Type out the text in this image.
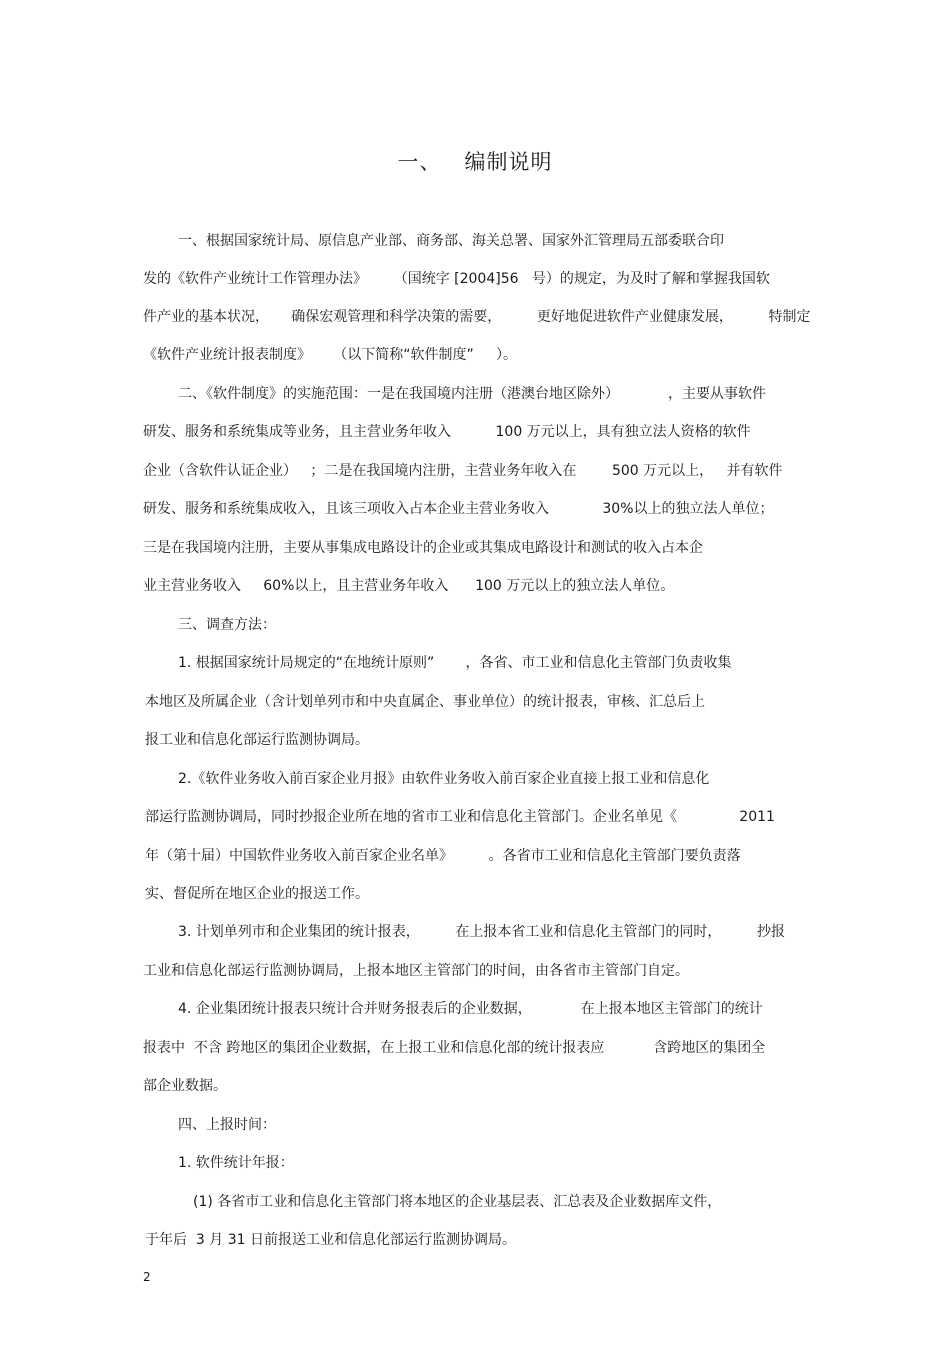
一、   编制说明
一、根据国家统计局、原信息产业部、商务部、海关总署、国家外汇管理局五部委联合印
发的《软件产业统计工作管理办法》      （国统字 [2004]56   号）的规定，为及时了解和掌握我国软
件产业的基本状况，     确保宏观管理和科学决策的需要，        更好地促进软件产业健康发展，        特制定
《软件产业统计报表制度》     （以下简称“软件制度”     ）。
二、《软件制度》的实施范围：一是在我国境内注册（港澳台地区除外）           ，主要从事软件
研发、服务和系统集成等业务，且主营业务年收入          100 万元以上，具有独立法人资格的软件
企业（含软件认证企业）   ；二是在我国境内注册，主营业务年收入在        500 万元以上，   并有软件
研发、服务和系统集成收入，且该三项收入占本企业主营业务收入            30%以上的独立法人单位；
三是在我国境内注册，主要从事集成电路设计的企业或其集成电路设计和测试的收入占本企
业主营业务收入     60%以上，且主营业务年收入      100 万元以上的独立法人单位。
三、调查方法：
1. 根据国家统计局规定的“在地统计原则”       ，各省、市工业和信息化主管部门负责收集
本地区及所属企业（含计划单列市和中央直属企、事业单位）的统计报表，审核、汇总后上
报工业和信息化部运行监测协调局。
2.《软件业务收入前百家企业月报》由软件业务收入前百家企业直接上报工业和信息化
部运行监测协调局，同时抄报企业所在地的省市工业和信息化主管部门。企业名单见《              2011
年（第十届）中国软件业务收入前百家企业名单》        。各省市工业和信息化主管部门要负责落
实、督促所在地区企业的报送工作。
3. 计划单列市和企业集团的统计报表，        在上报本省工业和信息化主管部门的同时，        抄报
工业和信息化部运行监测协调局，上报本地区主管部门的时间，由各省市主管部门自定。
4. 企业集团统计报表只统计合并财务报表后的企业数据，           在上报本地区主管部门的统计
报表中  不含 跨地区的集团企业数据，在上报工业和信息化部的统计报表应           含跨地区的集团全
部企业数据。
四、上报时间：
1. 软件统计年报：
(1) 各省市工业和信息化主管部门将本地区的企业基层表、汇总表及企业数据库文件，
于年后  3 月 31 日前报送工业和信息化部运行监测协调局。
2
